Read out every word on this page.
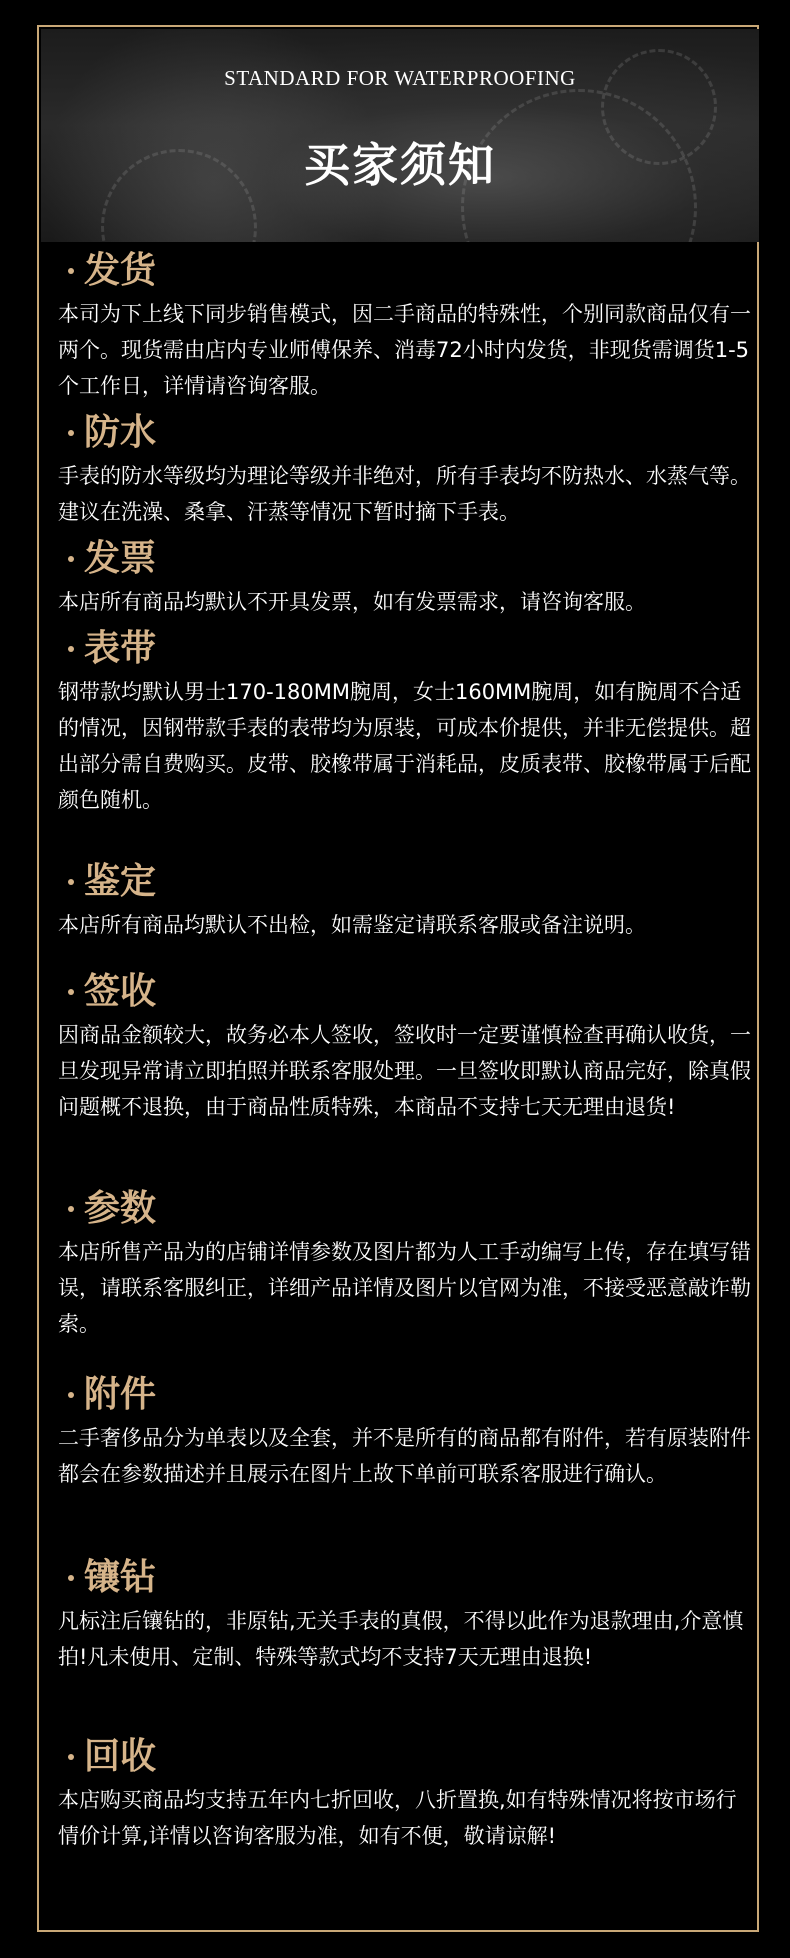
STANDARD FOR WATERPROOFING
买家须知
发货
本司为下上线下同步销售模式，因二手商品的特殊性，个别同款商品仅有一两个。现货需由店内专业师傅保养、消毒72小时内发货，非现货需调货1-5个工作日，详情请咨询客服。
防水
手表的防水等级均为理论等级并非绝对，所有手表均不防热水、水蒸气等。建议在洗澡、桑拿、汗蒸等情况下暂时摘下手表。
发票
本店所有商品均默认不开具发票，如有发票需求，请咨询客服。
表带
钢带款均默认男士170-180MM腕周，女士160MM腕周，如有腕周不合适的情况，因钢带款手表的表带均为原装，可成本价提供，并非无偿提供。超出部分需自费购买。皮带、胶橡带属于消耗品，皮质表带、胶橡带属于后配颜色随机。
鉴定
本店所有商品均默认不出检，如需鉴定请联系客服或备注说明。
签收
因商品金额较大，故务必本人签收，签收时一定要谨慎检查再确认收货，一旦发现异常请立即拍照并联系客服处理。一旦签收即默认商品完好，除真假问题概不退换，由于商品性质特殊，本商品不支持七天无理由退货!
参数
本店所售产品为的店铺详情参数及图片都为人工手动编写上传，存在填写错误，请联系客服纠正，详细产品详情及图片以官网为准，不接受恶意敲诈勒索。
附件
二手奢侈品分为单表以及全套，并不是所有的商品都有附件，若有原装附件都会在参数描述并且展示在图片上故下单前可联系客服进行确认。
镶钻
凡标注后镶钻的，非原钻,无关手表的真假，不得以此作为退款理由,介意慎拍!凡未使用、定制、特殊等款式均不支持7天无理由退换!
回收
本店购买商品均支持五年内七折回收，八折置换,如有特殊情况将按市场行情价计算,详情以咨询客服为准，如有不便，敬请谅解!
